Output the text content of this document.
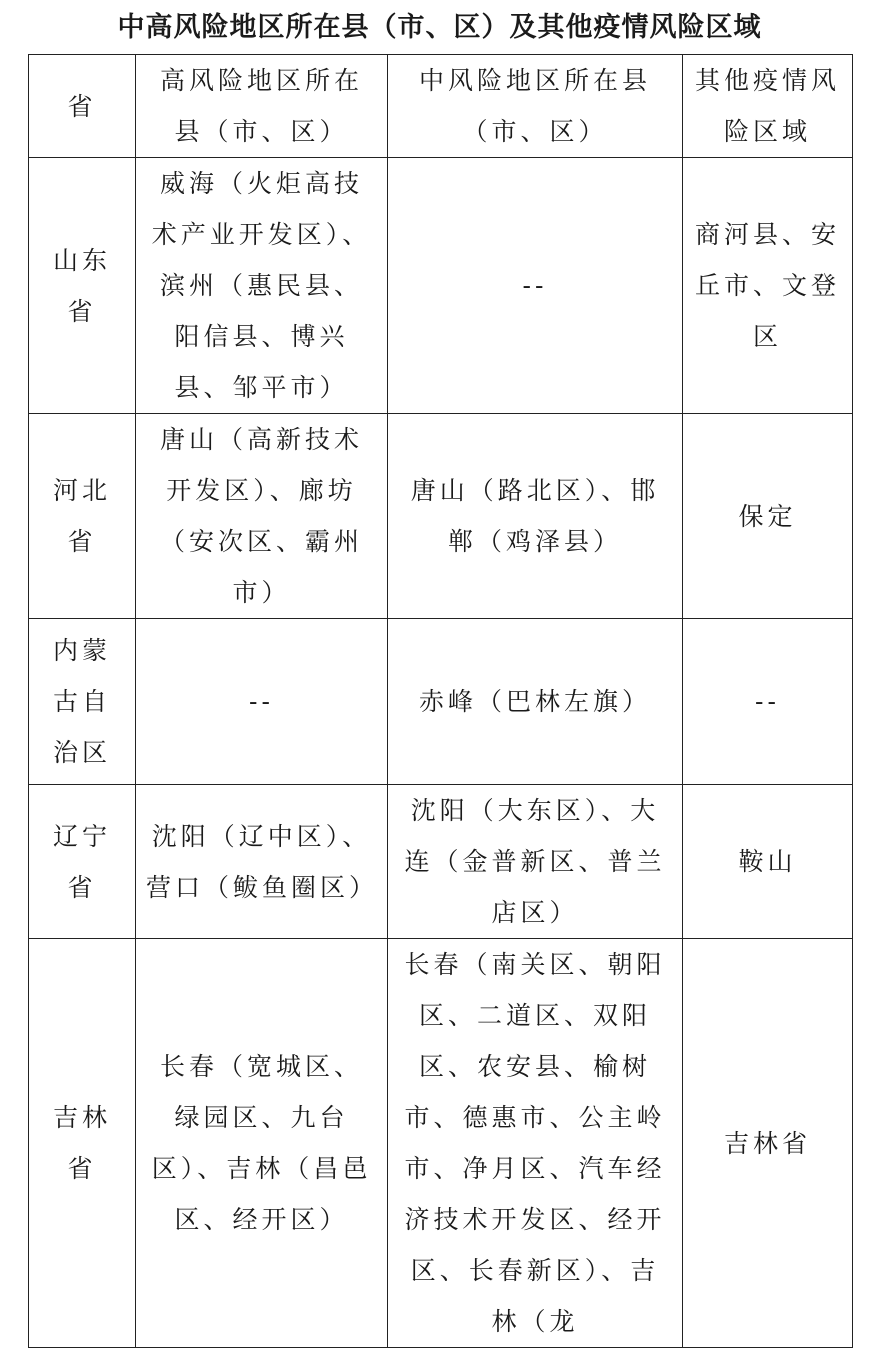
中高风险地区所在县（市、区）及其他疫情风险区域
省	高风险地区所在县（市、区）	中风险地区所在县（市、区）	其他疫情风险区域
山东省	威海（火炬高技术产业开发区）、滨州（惠民县、阳信县、博兴县、邹平市）	--	商河县、安丘市、文登区
河北省	唐山（高新技术开发区）、廊坊（安次区、霸州市）	唐山（路北区）、邯郸（鸡泽县）	保定
内蒙古自治区	--	赤峰（巴林左旗）	--
辽宁省	沈阳（辽中区）、营口（鲅鱼圈区）	沈阳（大东区）、大连（金普新区、普兰店区）	鞍山
吉林省	长春（宽城区、绿园区、九台区）、吉林（昌邑区、经开区）	长春（南关区、朝阳区、二道区、双阳区、农安县、榆树市、德惠市、公主岭市、净月区、汽车经济技术开发区、经开区、长春新区）、吉林（龙	吉林省
